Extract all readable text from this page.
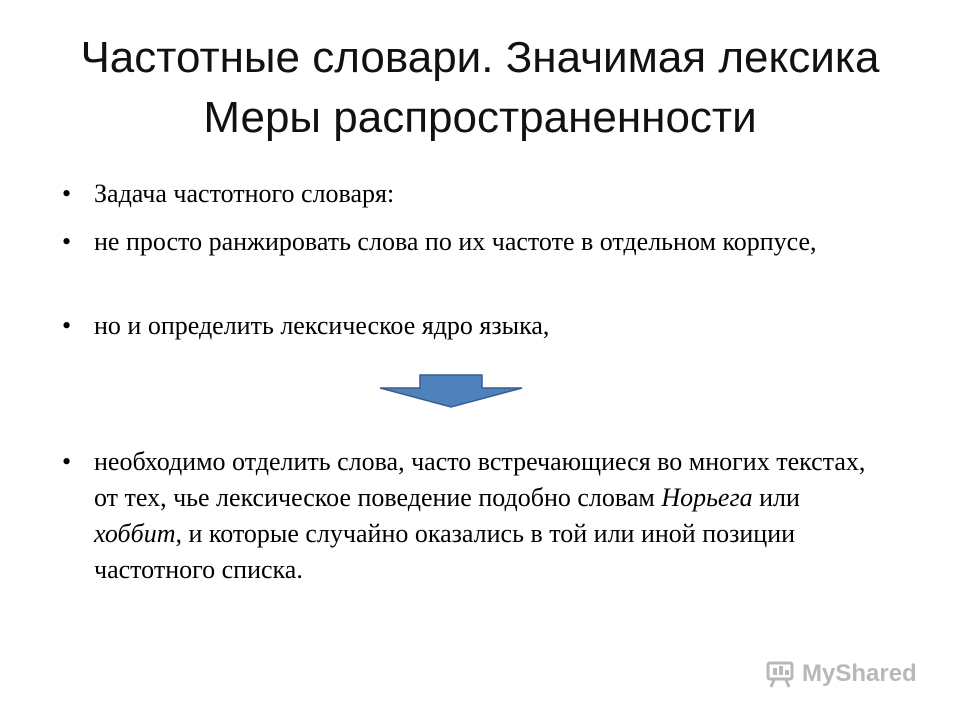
Частотные словари. Значимая лексика
Меры распространенности
• Задача частотного словаря:
• не просто ранжировать слова по их частоте в отдельном корпусе,
• но и определить лексическое ядро языка,
• необходимо отделить слова, часто встречающиеся во многих текстах, от тех, чье лексическое поведение подобно словам Норьега или хоббит, и которые случайно оказались в той или иной позиции частотного списка.
MyShared
